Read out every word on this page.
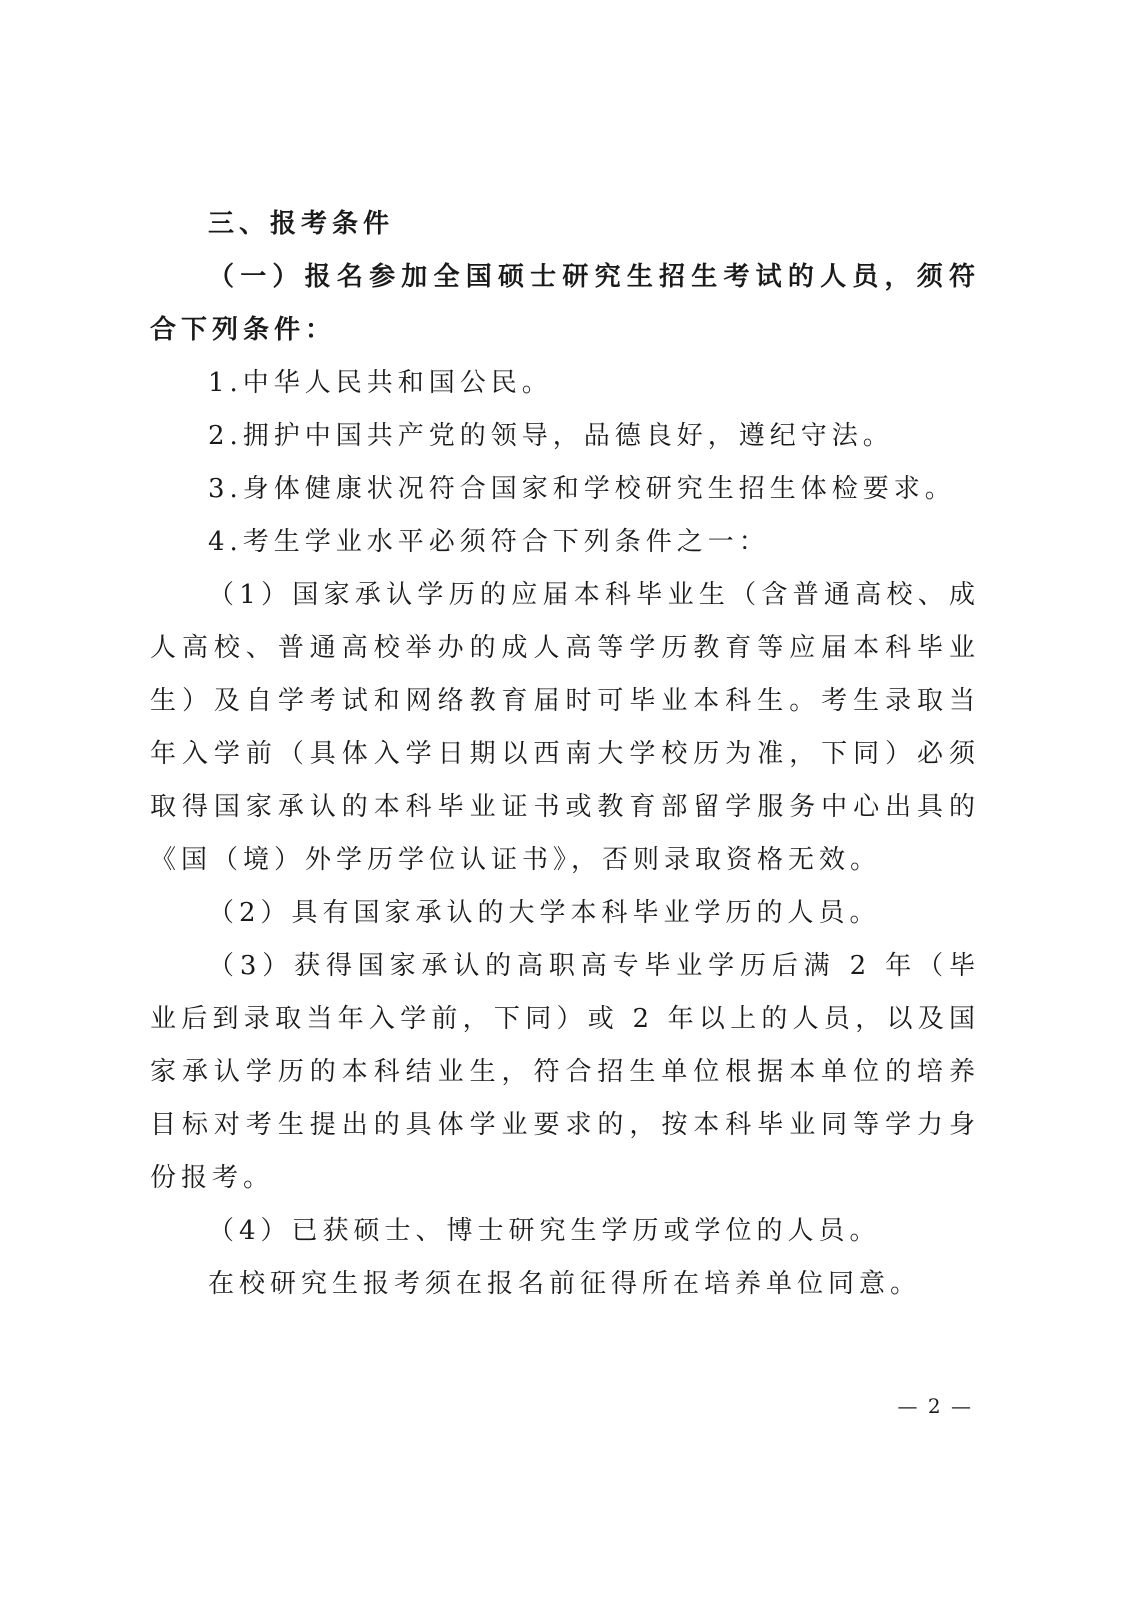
三、报考条件

（一）报名参加全国硕士研究生招生考试的人员，须符合下列条件：

1.中华人民共和国公民。

2.拥护中国共产党的领导，品德良好，遵纪守法。

3.身体健康状况符合国家和学校研究生招生体检要求。

4.考生学业水平必须符合下列条件之一：

（1）国家承认学历的应届本科毕业生（含普通高校、成人高校、普通高校举办的成人高等学历教育等应届本科毕业生）及自学考试和网络教育届时可毕业本科生。考生录取当年入学前（具体入学日期以西南大学校历为准，下同）必须取得国家承认的本科毕业证书或教育部留学服务中心出具的《国（境）外学历学位认证书》，否则录取资格无效。

（2）具有国家承认的大学本科毕业学历的人员。

（3）获得国家承认的高职高专毕业学历后满 2 年（毕业后到录取当年入学前，下同）或 2 年以上的人员，以及国家承认学历的本科结业生，符合招生单位根据本单位的培养目标对考生提出的具体学业要求的，按本科毕业同等学力身份报考。

（4）已获硕士、博士研究生学历或学位的人员。

在校研究生报考须在报名前征得所在培养单位同意。

— 2 —
